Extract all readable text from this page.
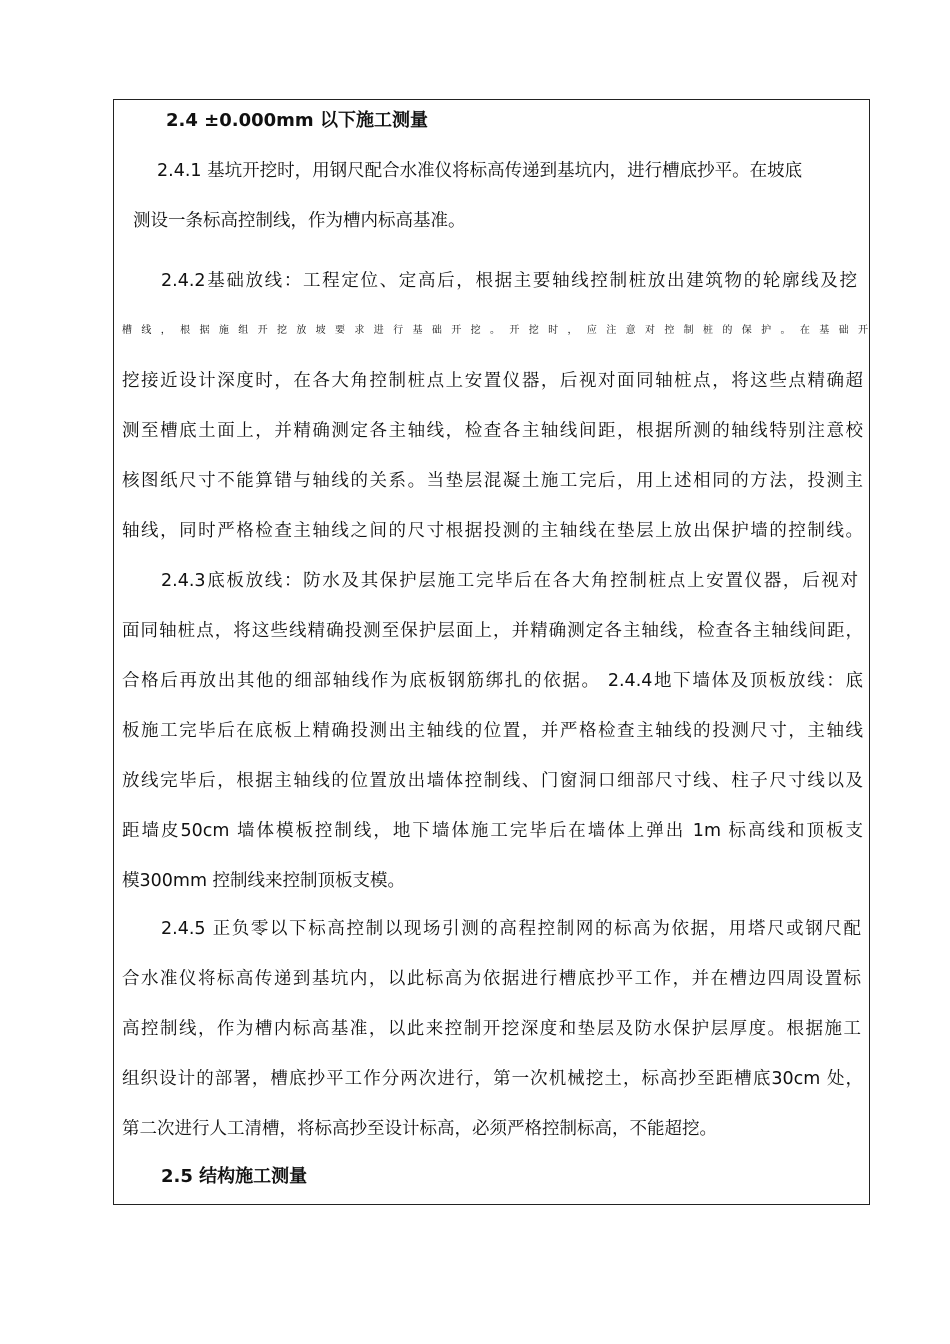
2.4 ±0.000mm 以下施工测量
2.4.1 基坑开挖时，用钢尺配合水准仪将标高传递到基坑内，进行槽底抄平。在坡底
测设一条标高控制线，作为槽内标高基准。
2.4.2基础放线：工程定位、定高后，根据主要轴线控制桩放出建筑物的轮廓线及挖
槽线，根据施组开挖放坡要求进行基础开挖。开挖时，应注意对控制桩的保护。在基础开
挖接近设计深度时，在各大角控制桩点上安置仪器，后视对面同轴桩点，将这些点精确超
测至槽底土面上，并精确测定各主轴线，检查各主轴线间距，根据所测的轴线特别注意校
核图纸尺寸不能算错与轴线的关系。当垫层混凝土施工完后，用上述相同的方法，投测主
轴线，同时严格检查主轴线之间的尺寸根据投测的主轴线在垫层上放出保护墙的控制线。
2.4.3底板放线：防水及其保护层施工完毕后在各大角控制桩点上安置仪器，后视对
面同轴桩点，将这些线精确投测至保护层面上，并精确测定各主轴线，检查各主轴线间距，
合格后再放出其他的细部轴线作为底板钢筋绑扎的依据。 2.4.4地下墙体及顶板放线：底
板施工完毕后在底板上精确投测出主轴线的位置，并严格检查主轴线的投测尺寸，主轴线
放线完毕后，根据主轴线的位置放出墙体控制线、门窗洞口细部尺寸线、柱子尺寸线以及
距墙皮50cm 墙体模板控制线，地下墙体施工完毕后在墙体上弹出 1m 标高线和顶板支
模300mm 控制线来控制顶板支模。
2.4.5 正负零以下标高控制以现场引测的高程控制网的标高为依据，用塔尺或钢尺配
合水准仪将标高传递到基坑内，以此标高为依据进行槽底抄平工作，并在槽边四周设置标
高控制线，作为槽内标高基准，以此来控制开挖深度和垫层及防水保护层厚度。根据施工
组织设计的部署，槽底抄平工作分两次进行，第一次机械挖土，标高抄至距槽底30cm 处，
第二次进行人工清槽，将标高抄至设计标高，必须严格控制标高，不能超挖。
2.5 结构施工测量
